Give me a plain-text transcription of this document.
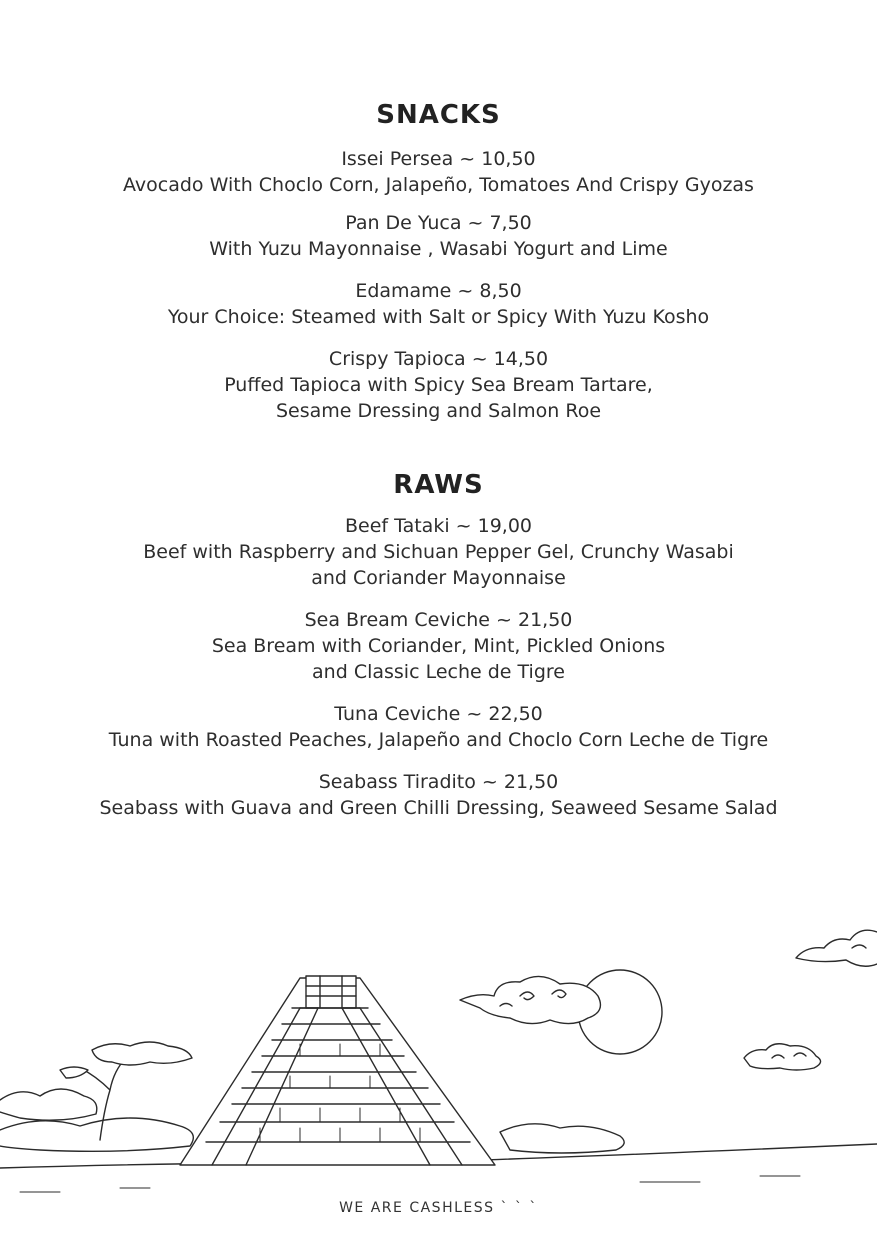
SNACKS
Issei Persea ~ 10,50
Avocado With Choclo Corn, Jalapeño, Tomatoes And Crispy Gyozas
Pan De Yuca ~ 7,50
With Yuzu Mayonnaise , Wasabi Yogurt and Lime
Edamame ~ 8,50
Your Choice: Steamed with Salt or Spicy With Yuzu Kosho
Crispy Tapioca ~ 14,50
Puffed Tapioca with Spicy Sea Bream Tartare,
Sesame Dressing and Salmon Roe
RAWS
Beef Tataki ~ 19,00
Beef with Raspberry and Sichuan Pepper Gel, Crunchy Wasabi
and Coriander Mayonnaise
Sea Bream Ceviche ~ 21,50
Sea Bream with Coriander, Mint, Pickled Onions
and Classic Leche de Tigre
Tuna Ceviche ~ 22,50
Tuna with Roasted Peaches, Jalapeño and Choclo Corn Leche de Tigre
Seabass Tiradito ~ 21,50
Seabass with Guava and Green Chilli Dressing, Seaweed Sesame Salad
WE ARE CASHLESS ` ` `
